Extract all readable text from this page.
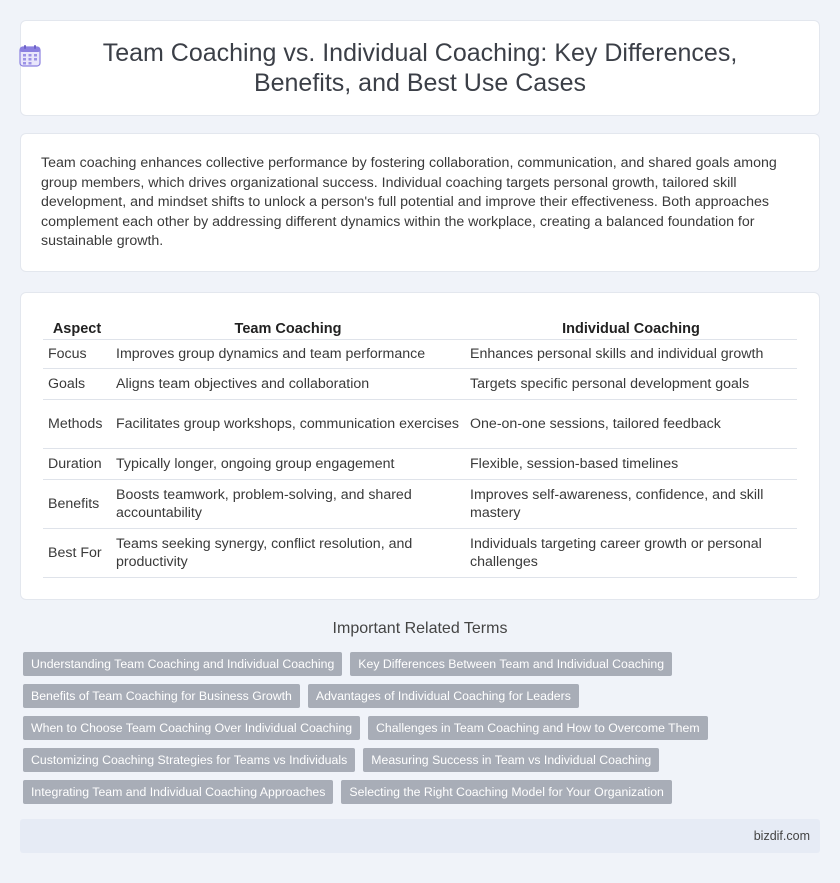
Team Coaching vs. Individual Coaching: Key Differences, Benefits, and Best Use Cases

Team coaching enhances collective performance by fostering collaboration, communication, and shared goals among group members, which drives organizational success. Individual coaching targets personal growth, tailored skill development, and mindset shifts to unlock a person's full potential and improve their effectiveness. Both approaches complement each other by addressing different dynamics within the workplace, creating a balanced foundation for sustainable growth.

Aspect	Team Coaching	Individual Coaching
Focus	Improves group dynamics and team performance	Enhances personal skills and individual growth
Goals	Aligns team objectives and collaboration	Targets specific personal development goals
Methods	Facilitates group workshops, communication exercises	One-on-one sessions, tailored feedback
Duration	Typically longer, ongoing group engagement	Flexible, session-based timelines
Benefits	Boosts teamwork, problem-solving, and shared accountability	Improves self-awareness, confidence, and skill mastery
Best For	Teams seeking synergy, conflict resolution, and productivity	Individuals targeting career growth or personal challenges
Important Related Terms
Understanding Team Coaching and Individual Coaching	Key Differences Between Team and Individual Coaching
Benefits of Team Coaching for Business Growth	Advantages of Individual Coaching for Leaders
When to Choose Team Coaching Over Individual Coaching	Challenges in Team Coaching and How to Overcome Them
Customizing Coaching Strategies for Teams vs Individuals	Measuring Success in Team vs Individual Coaching
Integrating Team and Individual Coaching Approaches	Selecting the Right Coaching Model for Your Organization
bizdif.com
